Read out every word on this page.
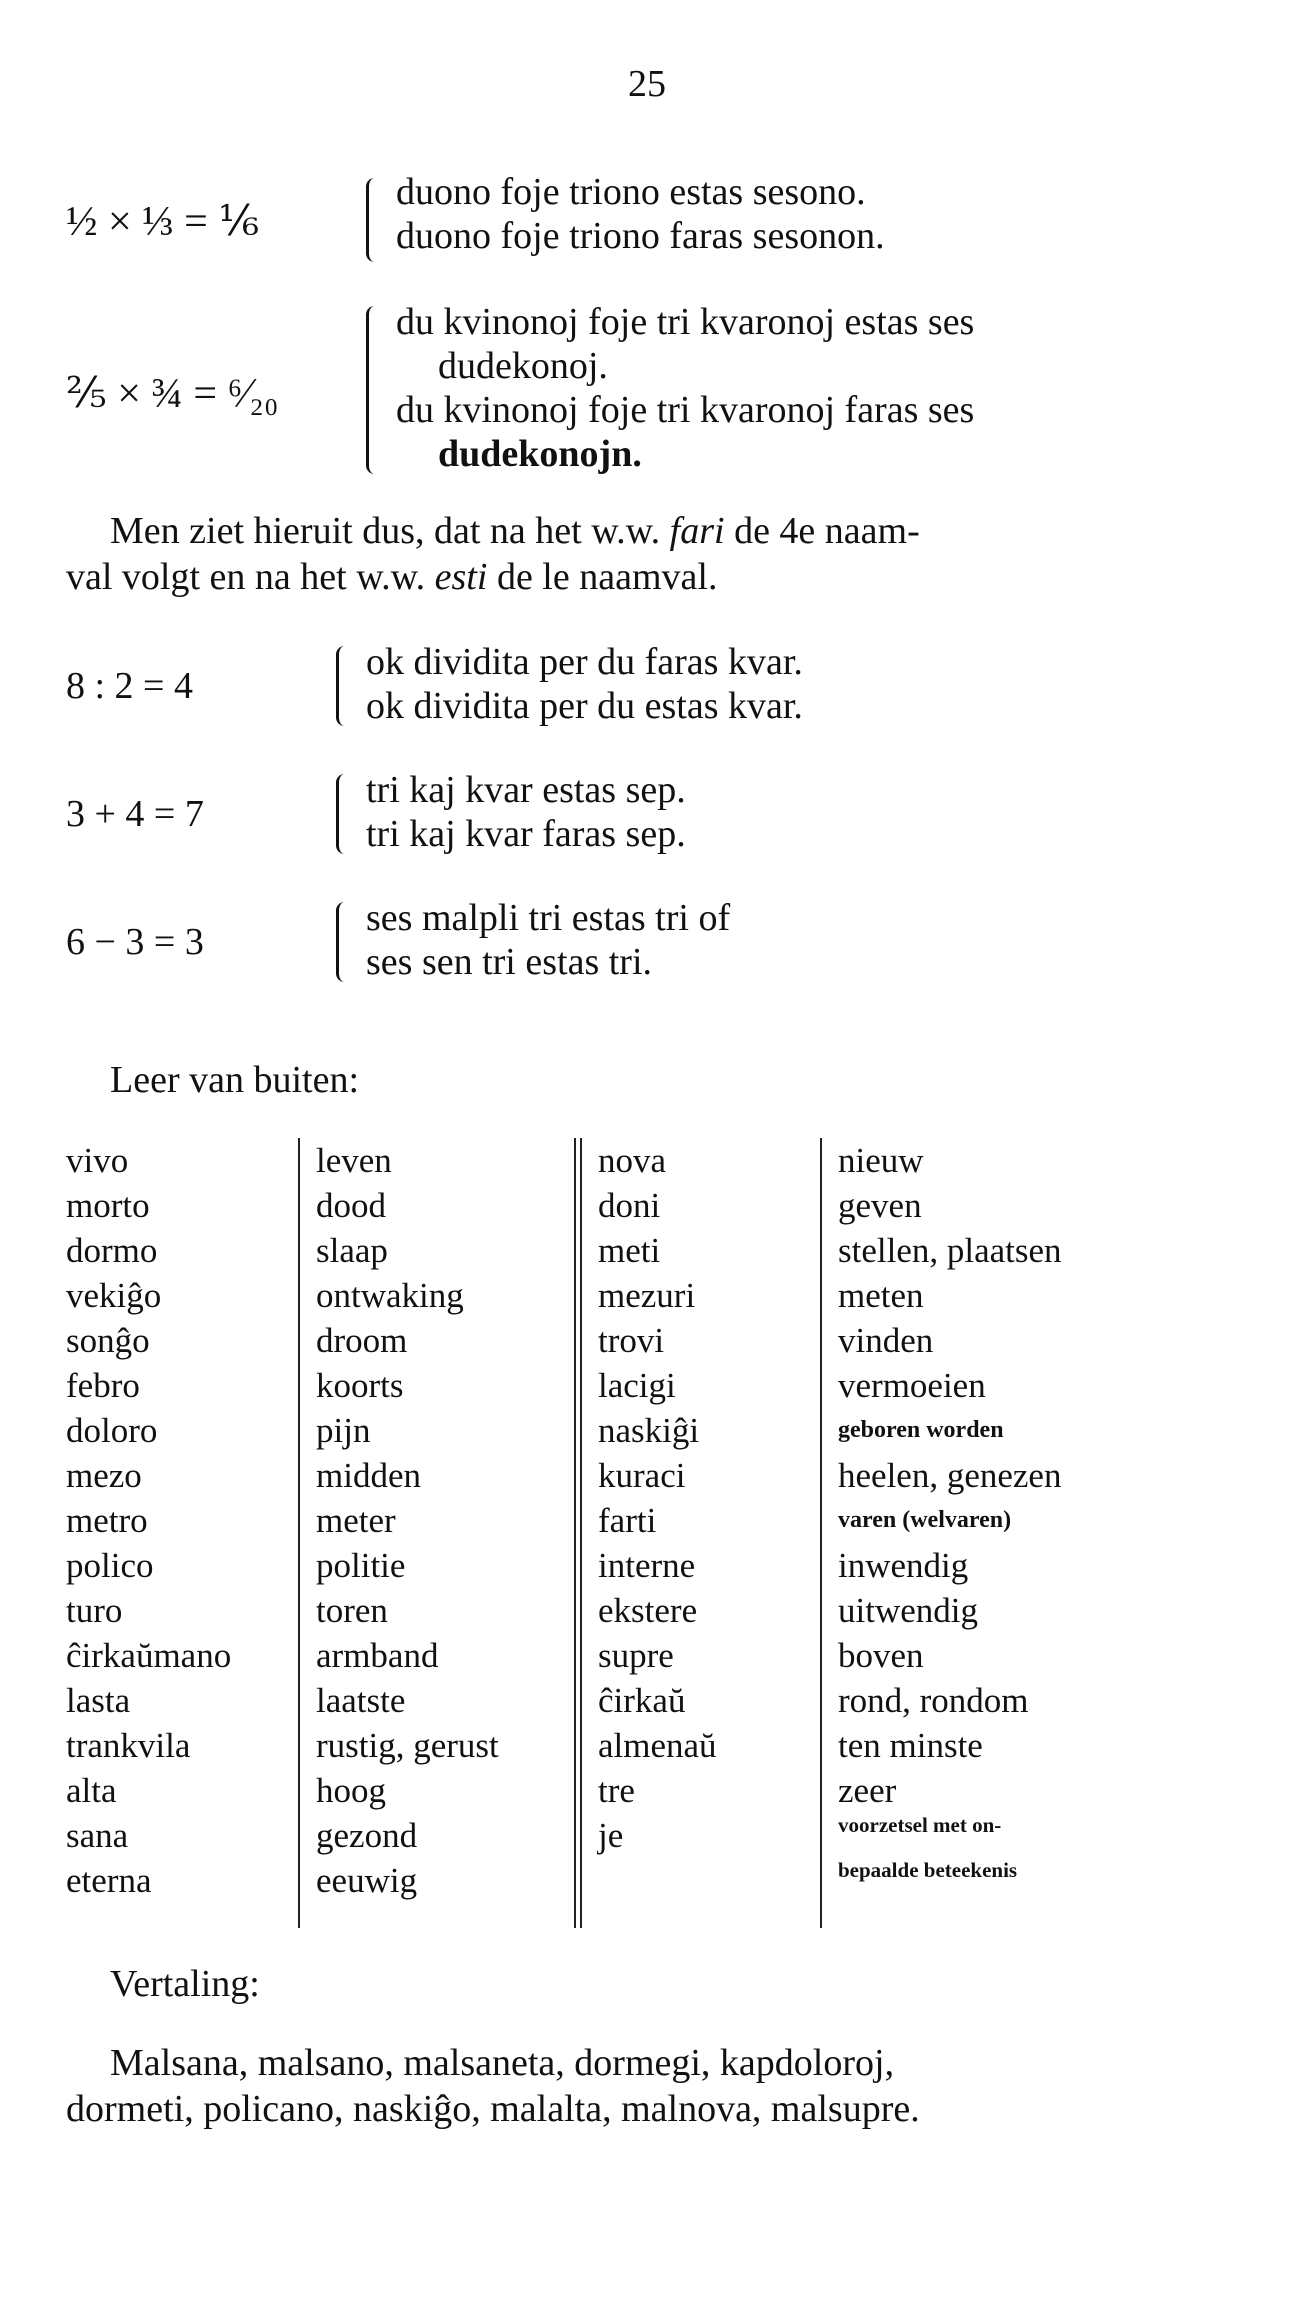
25
½ × ⅓ = ⅙
duono foje triono estas sesono.
duono foje triono faras sesonon.
⅖ × ¾ = ⁶⁄₂₀
du kvinonoj foje tri kvaronoj estas ses
dudekonoj.
du kvinonoj foje tri kvaronoj faras ses
dudekonojn.
Men ziet hieruit dus, dat na het w.w. fari de 4e naam-
val volgt en na het w.w. esti de le naamval.
8 : 2 = 4
ok dividita per du faras kvar.
ok dividita per du estas kvar.
3 + 4 = 7
tri kaj kvar estas sep.
tri kaj kvar faras sep.
6 − 3 = 3
ses malpli tri estas tri of
ses sen tri estas tri.
Leer van buiten:
vivo
morto
dormo
vekiĝo
sonĝo
febro
doloro
mezo
metro
polico
turo
ĉirkaŭmano
lasta
trankvila
alta
sana
eterna
leven
dood
slaap
ontwaking
droom
koorts
pijn
midden
meter
politie
toren
armband
laatste
rustig, gerust
hoog
gezond
eeuwig
nova
doni
meti
mezuri
trovi
lacigi
naskiĝi
kuraci
farti
interne
ekstere
supre
ĉirkaŭ
almenaŭ
tre
je
nieuw
geven
stellen, plaatsen
meten
vinden
vermoeien
geboren worden
heelen, genezen
varen (welvaren)
inwendig
uitwendig
boven
rond, rondom
ten minste
zeer
voorzetsel met on-
bepaalde beteekenis
Vertaling:
Malsana, malsano, malsaneta, dormegi, kapdoloroj,
dormeti, policano, naskiĝo, malalta, malnova, malsupre.
